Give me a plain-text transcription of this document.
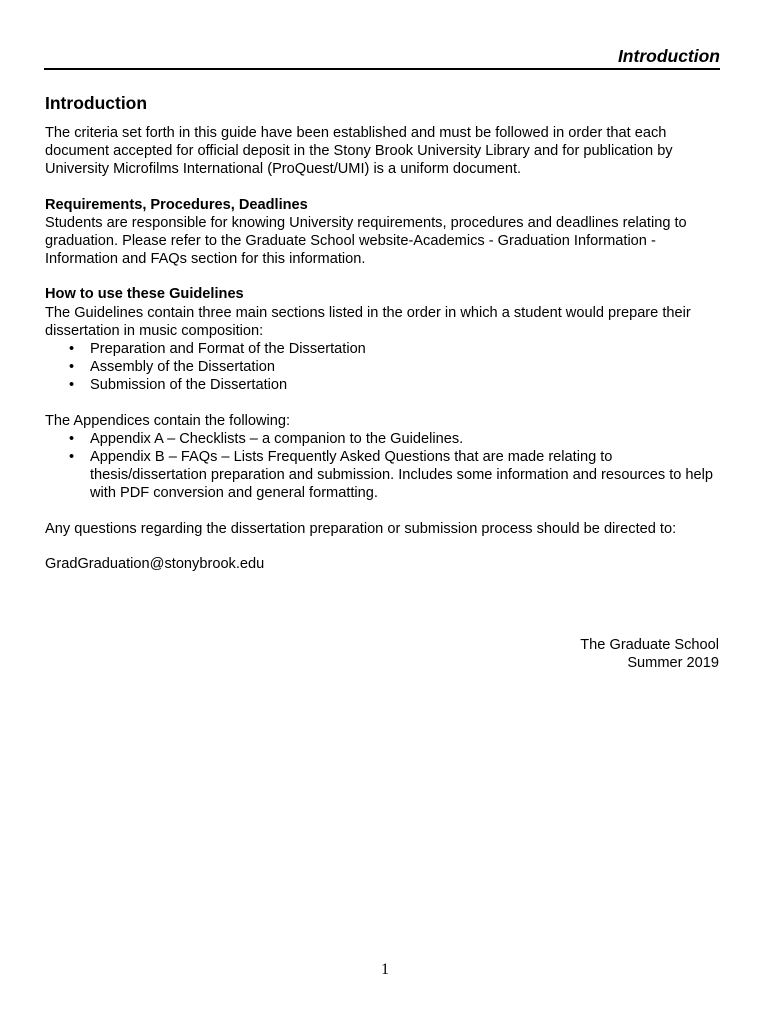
Introduction
Introduction

The criteria set forth in this guide have been established and must be followed in order that each document accepted for official deposit in the Stony Brook University Library and for publication by University Microfilms International (ProQuest/UMI) is a uniform document.

Requirements, Procedures, Deadlines
Students are responsible for knowing University requirements, procedures and deadlines relating to graduation. Please refer to the Graduate School website-Academics - Graduation Information - Information and FAQs section for this information.

How to use these Guidelines
The Guidelines contain three main sections listed in the order in which a student would prepare their dissertation in music composition:
• Preparation and Format of the Dissertation
• Assembly of the Dissertation
• Submission of the Dissertation
The Appendices contain the following:
• Appendix A – Checklists – a companion to the Guidelines.
• Appendix B – FAQs – Lists Frequently Asked Questions that are made relating to thesis/dissertation preparation and submission. Includes some information and resources to help with PDF conversion and general formatting.

Any questions regarding the dissertation preparation or submission process should be directed to:

GradGraduation@stonybrook.edu

The Graduate School
Summer 2019
1
